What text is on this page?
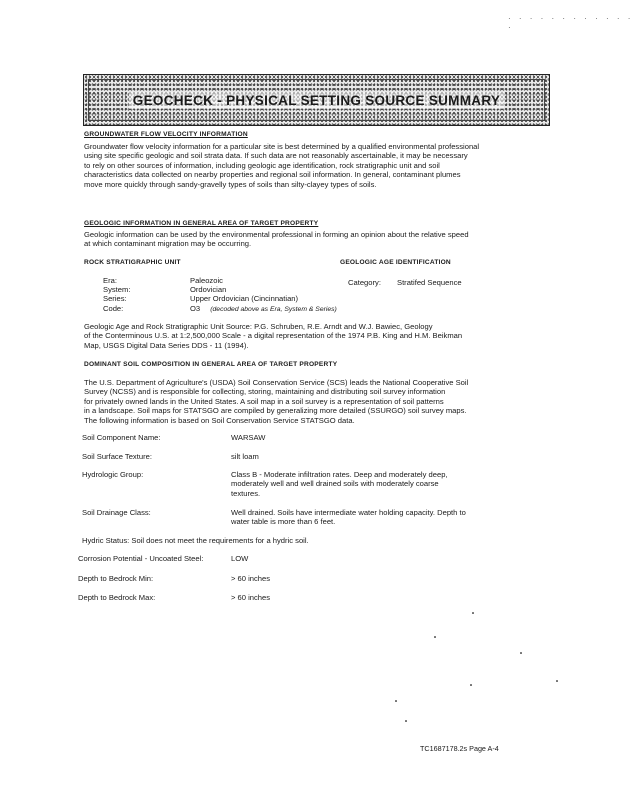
· · · · · · · · · · · · ·
GEOCHECK - PHYSICAL SETTING SOURCE SUMMARY
GROUNDWATER FLOW VELOCITY INFORMATION
Groundwater flow velocity information for a particular site is best determined by a qualified environmental professional
using site specific geologic and soil strata data. If such data are not reasonably ascertainable, it may be necessary
to rely on other sources of information, including geologic age identification, rock stratigraphic unit and soil
characteristics data collected on nearby properties and regional soil information. In general, contaminant plumes
move more quickly through sandy-gravelly types of soils than silty-clayey types of soils.
GEOLOGIC INFORMATION IN GENERAL AREA OF TARGET PROPERTY
Geologic information can be used by the environmental professional in forming an opinion about the relative speed
at which contaminant migration may be occurring.
ROCK STRATIGRAPHIC UNIT	GEOLOGIC AGE IDENTIFICATION
Era:	Paleozoic
System:	Ordovician
Series:	Upper Ordovician (Cincinnatian)
Code:	O3 (decoded above as Era, System & Series)
Category: Stratifed Sequence
Geologic Age and Rock Stratigraphic Unit Source: P.G. Schruben, R.E. Arndt and W.J. Bawiec, Geology
of the Conterminous U.S. at 1:2,500,000 Scale - a digital representation of the 1974 P.B. King and H.M. Beikman
Map, USGS Digital Data Series DDS - 11 (1994).
DOMINANT SOIL COMPOSITION IN GENERAL AREA OF TARGET PROPERTY
The U.S. Department of Agriculture's (USDA) Soil Conservation Service (SCS) leads the National Cooperative Soil
Survey (NCSS) and is responsible for collecting, storing, maintaining and distributing soil survey information
for privately owned lands in the United States. A soil map in a soil survey is a representation of soil patterns
in a landscape. Soil maps for STATSGO are compiled by generalizing more detailed (SSURGO) soil survey maps.
The following information is based on Soil Conservation Service STATSGO data.
Soil Component Name:	WARSAW
Soil Surface Texture:	silt loam
Hydrologic Group:	Class B - Moderate infiltration rates. Deep and moderately deep,
moderately well and well drained soils with moderately coarse
textures.
Soil Drainage Class:	Well drained. Soils have intermediate water holding capacity. Depth to
water table is more than 6 feet.
Hydric Status: Soil does not meet the requirements for a hydric soil.
Corrosion Potential - Uncoated Steel:	LOW
Depth to Bedrock Min:	> 60 inches
Depth to Bedrock Max:	> 60 inches
TC1687178.2s Page A-4
